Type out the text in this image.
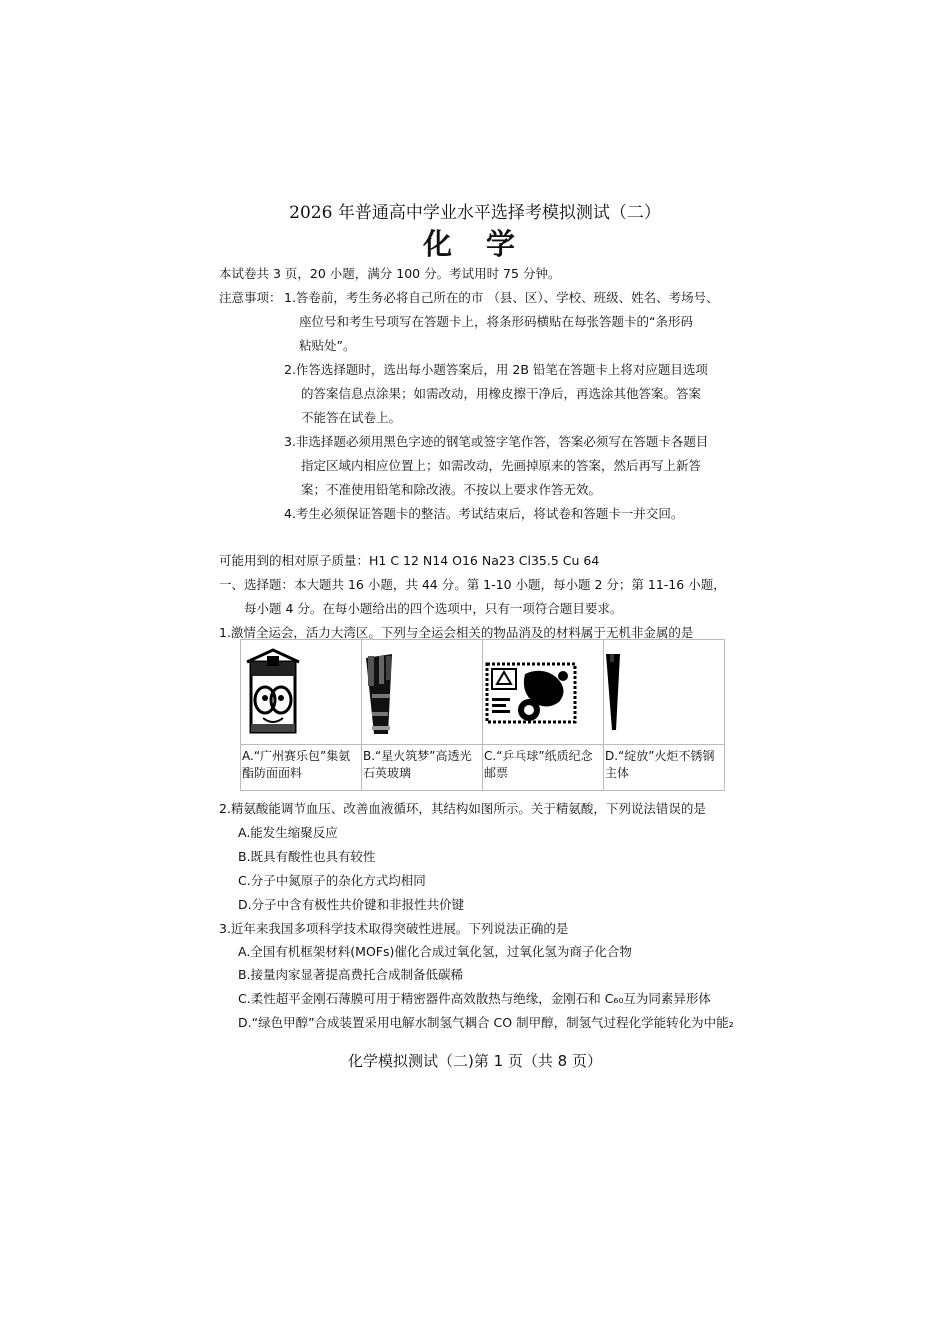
2026 年普通高中学业水平选择考模拟测试（二）
化 学
本试卷共 3 页，20 小题，满分 100 分。考试用时 75 分钟。
注意事项： 1.答卷前，考生务必将自己所在的市 （县、区）、学校、班级、姓名、考场号、
座位号和考生号项写在答题卡上，将条形码横贴在每张答题卡的“条形码
粘贴处”。
2.作答选择题时，选出每小题答案后，用 2B 铅笔在答题卡上将对应题目选项
的答案信息点涂果；如需改动，用橡皮擦干净后，再选涂其他答案。答案
不能答在试卷上。
3.非选择题必须用黑色字迹的钢笔或签字笔作答，答案必须写在答题卡各题目
指定区域内相应位置上；如需改动，先画掉原来的答案，然后再写上新答
案；不准使用铅笔和除改液。不按以上要求作答无效。
4.考生必须保证答题卡的整洁。考试结束后，将试卷和答题卡一并交回。
可能用到的相对原子质量：H1 C 12 N14 O16 Na23 Cl35.5 Cu 64
一、选择题：本大题共 16 小题，共 44 分。第 1-10 小题，每小题 2 分；第 11-16 小题，
每小题 4 分。在每小题给出的四个选项中，只有一项符合题目要求。
1.激情全运会，活力大湾区。下列与全运会相关的物品消及的材料属于无机非金属的是

A.“广州赛乐包”集氨酯防面面料	B.“星火筑梦”高透光石英玻璃	C.“乒乓球”纸质纪念邮票	D.“绽放”火炬不锈钢主体
2.精氨酸能调节血压、改善血液循环，其结构如图所示。关于精氨酸，下列说法错误的是
A.能发生缩聚反应
B.既具有酸性也具有较性
C.分子中氮原子的杂化方式均相同
D.分子中含有极性共价键和非报性共价键
3.近年来我国多项科学技术取得突破性进展。下列说法正确的是
A.全国有机框架材料(MOFs)催化合成过氧化氢，过氧化氢为商子化合物
B.接量肉家显著提高费托合成制备低碳稀
C.柔性超平金刚石薄膜可用于精密器件高效散热与绝缘，金刚石和 C₆₀互为同素异形体
D.“绿色甲醇”合成装置采用电解水制氢气耦合 CO 制甲醇，制氢气过程化学能转化为中能₂
化学模拟测试（二)第 1 页（共 8 页）
